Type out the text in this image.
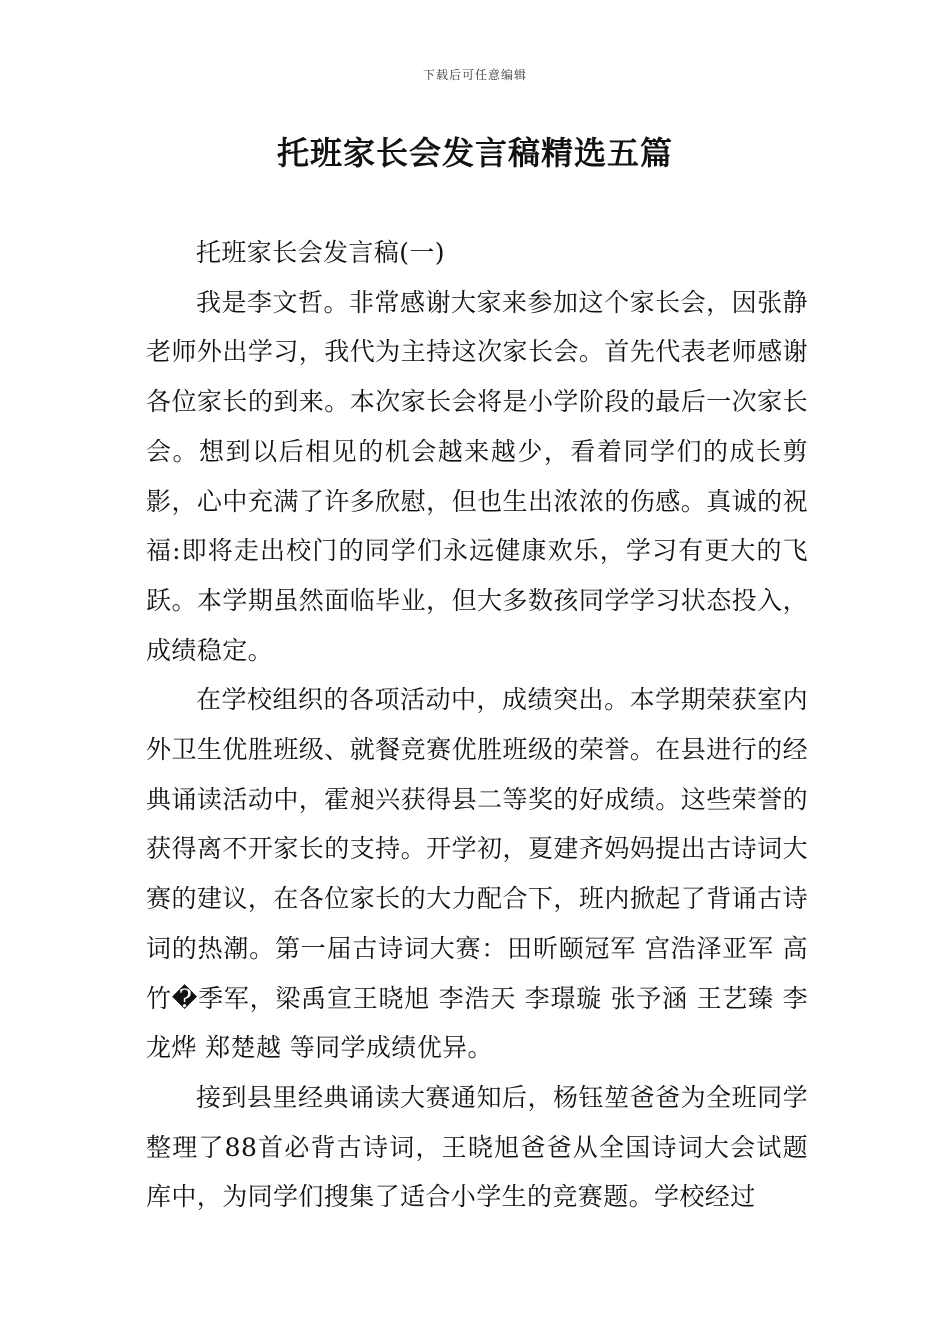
下载后可任意编辑
托班家长会发言稿精选五篇

托班家长会发言稿(一)

我是李文哲。非常感谢大家来参加这个家长会，因张静老师外出学习，我代为主持这次家长会。首先代表老师感谢各位家长的到来。本次家长会将是小学阶段的最后一次家长会。想到以后相见的机会越来越少，看着同学们的成长剪影，心中充满了许多欣慰，但也生出浓浓的伤感。真诚的祝福:即将走出校门的同学们永远健康欢乐，学习有更大的飞跃。本学期虽然面临毕业，但大多数孩同学学习状态投入，成绩稳定。

在学校组织的各项活动中，成绩突出。本学期荣获室内外卫生优胜班级、就餐竞赛优胜班级的荣誉。在县进行的经典诵读活动中，霍昶兴获得县二等奖的好成绩。这些荣誉的获得离不开家长的支持。开学初，夏建齐妈妈提出古诗词大赛的建议，在各位家长的大力配合下，班内掀起了背诵古诗词的热潮。第一届古诗词大赛：田昕颐冠军 宫浩泽亚军 高竹�季军，梁禹宣王晓旭 李浩天 李璟璇 张予涵 王艺臻 李龙烨 郑楚越 等同学成绩优异。

接到县里经典诵读大赛通知后，杨钰堃爸爸为全班同学整理了88首必背古诗词，王晓旭爸爸从全国诗词大会试题库中，为同学们搜集了适合小学生的竞赛题。学校经过
